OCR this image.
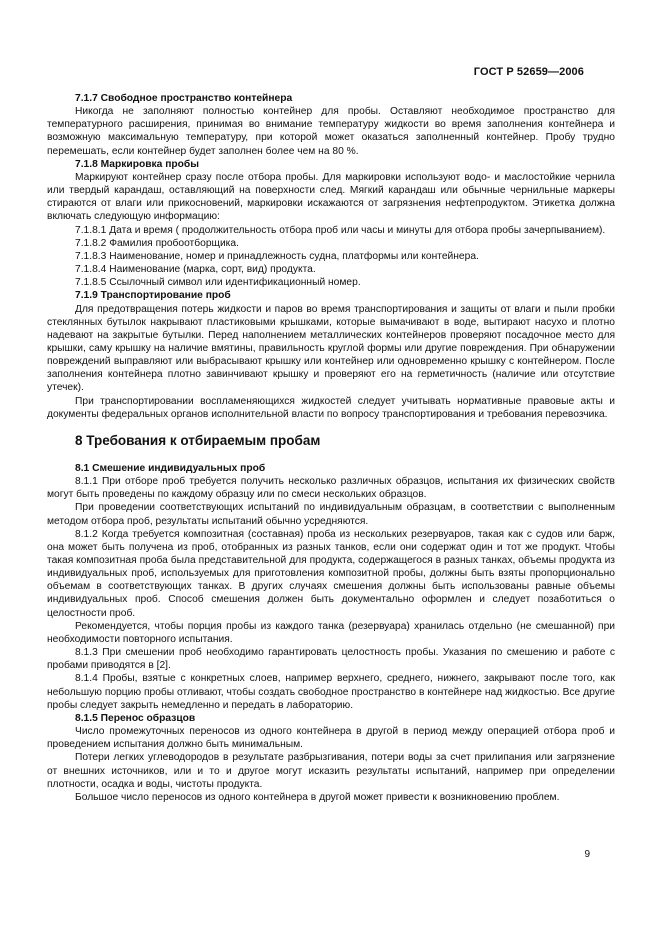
ГОСТ Р 52659—2006

7.1.7 Свободное пространство контейнера

Никогда не заполняют полностью контейнер для пробы. Оставляют необходимое пространство для температурного расширения, принимая во внимание температуру жидкости во время заполнения контейнера и возможную максимальную температуру, при которой может оказаться заполненный контейнер. Пробу трудно перемешать, если контейнер будет заполнен более чем на 80 %.

7.1.8 Маркировка пробы

Маркируют контейнер сразу после отбора пробы. Для маркировки используют водо- и маслостойкие чернила или твердый карандаш, оставляющий на поверхности след. Мягкий карандаш или обычные чернильные маркеры стираются от влаги или прикосновений, маркировки искажаются от загрязнения нефтепродуктом. Этикетка должна включать следующую информацию:

7.1.8.1 Дата и время ( продолжительность отбора проб или часы и минуты для отбора пробы зачерпыванием).

7.1.8.2 Фамилия пробоотборщика.

7.1.8.3 Наименование, номер и принадлежность судна, платформы или контейнера.

7.1.8.4 Наименование (марка, сорт, вид) продукта.

7.1.8.5 Ссылочный символ или идентификационный номер.

7.1.9 Транспортирование проб

Для предотвращения потерь жидкости и паров во время транспортирования и защиты от влаги и пыли пробки стеклянных бутылок накрывают пластиковыми крышками, которые вымачивают в воде, вытирают насухо и плотно надевают на закрытые бутылки. Перед наполнением металлических контейнеров проверяют посадочное место для крышки, саму крышку на наличие вмятины, правильность круглой формы или другие повреждения. При обнаружении повреждений выправляют или выбрасывают крышку или контейнер или одновременно крышку с контейнером. После заполнения контейнера плотно завинчивают крышку и проверяют его на герметичность (наличие или отсутствие утечек).

При транспортировании воспламеняющихся жидкостей следует учитывать нормативные правовые акты и документы федеральных органов исполнительной власти по вопросу транспортирования и требования перевозчика.

8 Требования к отбираемым пробам

8.1 Смешение индивидуальных проб

8.1.1 При отборе проб требуется получить несколько различных образцов, испытания их физических свойств могут быть проведены по каждому образцу или по смеси нескольких образцов.

При проведении соответствующих испытаний по индивидуальным образцам, в соответствии с выполненным методом отбора проб, результаты испытаний обычно усредняются.

8.1.2 Когда требуется композитная (составная) проба из нескольких резервуаров, такая как с судов или барж, она может быть получена из проб, отобранных из разных танков, если они содержат один и тот же продукт. Чтобы такая композитная проба была представительной для продукта, содержащегося в разных танках, объемы продукта из индивидуальных проб, используемых для приготовления композитной пробы, должны быть взяты пропорционально объемам в соответствующих танках. В других случаях смешения должны быть использованы равные объемы индивидуальных проб. Способ смешения должен быть документально оформлен и следует позаботиться о целостности проб.

Рекомендуется, чтобы порция пробы из каждого танка (резервуара) хранилась отдельно (не смешанной) при необходимости повторного испытания.

8.1.3 При смешении проб необходимо гарантировать целостность пробы. Указания по смешению и работе с пробами приводятся в [2].

8.1.4 Пробы, взятые с конкретных слоев, например верхнего, среднего, нижнего, закрывают после того, как небольшую порцию пробы отливают, чтобы создать свободное пространство в контейнере над жидкостью. Все другие пробы следует закрыть немедленно и передать в лабораторию.

8.1.5 Перенос образцов

Число промежуточных переносов из одного контейнера в другой в период между операцией отбора проб и проведением испытания должно быть минимальным.

Потери легких углеводородов в результате разбрызгивания, потери воды за счет прилипания или загрязнение от внешних источников, или и то и другое могут исказить результаты испытаний, например при определении плотности, осадка и воды, чистоты продукта.

Большое число переносов из одного контейнера в другой может привести к возникновению проблем.

9
